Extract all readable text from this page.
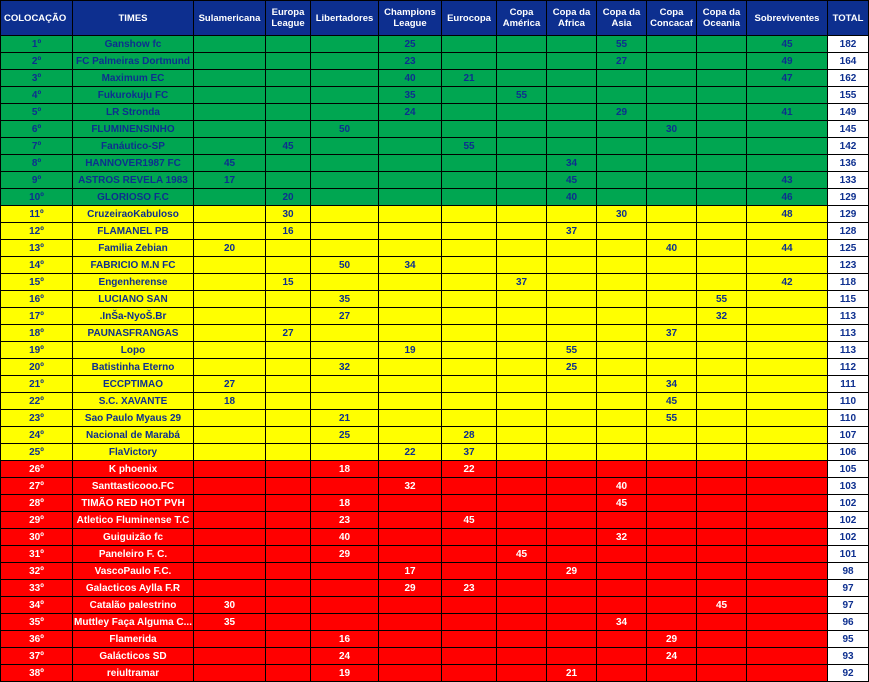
COLOCAÇÃO	TIMES	Sulamericana	Europa League	Libertadores	Champions League	Eurocopa	Copa América	Copa da Africa	Copa da Asia	Copa Concacaf	Copa da Oceania	Sobreviventes	TOTAL
1º	Ganshow fc				25				55			45	182
2º	FC Palmeiras Dortmund				23				27			49	164
3º	Maximum EC				40	21						47	162
4º	Fukurokuju FC				35		55						155
5º	LR Stronda				24				29			41	149
6º	FLUMINENSINHO			50						30			145
7º	Fanáutico-SP		45			55							142
8º	HANNOVER1987 FC	45						34					136
9º	ASTROS REVELA 1983	17						45				43	133
10º	GLORIOSO F.C		20					40				46	129
11º	CruzeiraoKabuloso		30						30			48	129
12º	FLAMANEL PB		16					37					128
13º	Familia Zebian	20								40		44	125
14º	FABRICIO M.N FC			50	34								123
15º	Engenherense		15				37					42	118
16º	LUCIANO SAN			35							55		115
17º	.InŠa-NyoŠ.Br			27							32		113
18º	PAUNASFRANGAS		27							37			113
19º	Lopo				19			55					113
20º	Batistinha Eterno			32				25					112
21º	ECCPTIMAO	27								34			111
22º	S.C. XAVANTE	18								45			110
23º	Sao Paulo Myaus 29			21						55			110
24º	Nacional de Marabá			25		28							107
25º	FlaVictory				22	37							106
26º	K phoenix			18		22							105
27º	Santtasticooo.FC				32				40				103
28º	TIMÃO RED HOT PVH			18					45				102
29º	Atletico Fluminense T.C			23		45							102
30º	Guiguizão fc			40					32				102
31º	Paneleiro F. C.			29			45						101
32º	VascoPaulo F.C.				17			29					98
33º	Galacticos Aylla F.R				29	23							97
34º	Catalão palestrino	30									45		97
35º	Muttley Faça Alguma C...	35							34				96
36º	Flamerida			16						29			95
37º	Galácticos SD			24						24			93
38º	reiultramar			19				21					92
